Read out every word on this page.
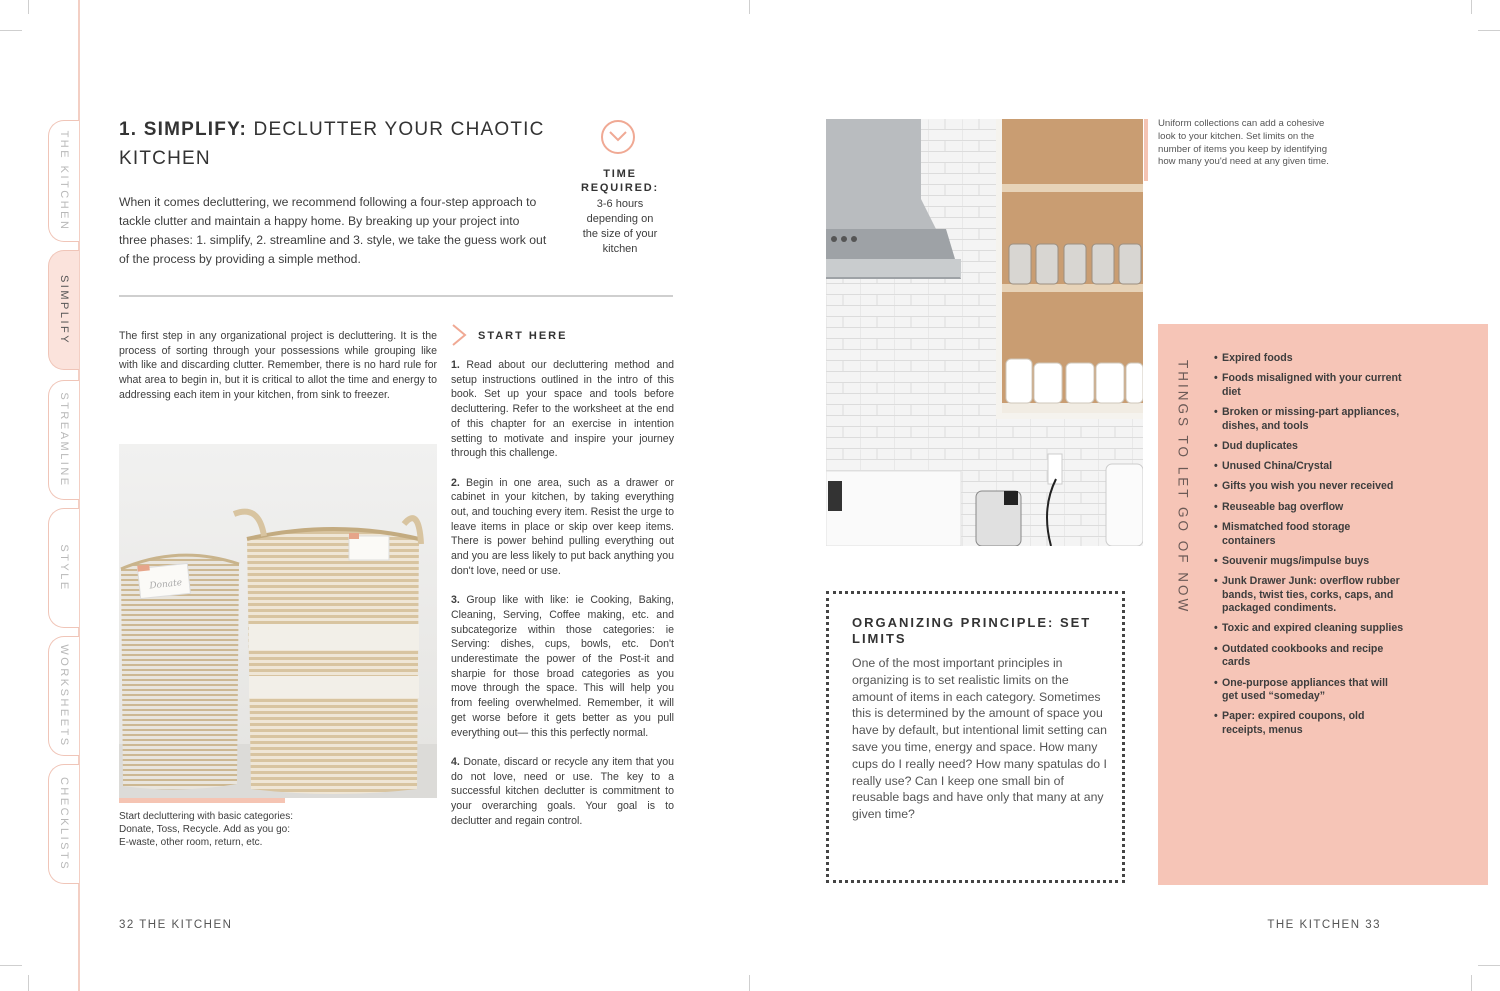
THE KITCHEN
SIMPLIFY
STREAMLINE
STYLE
WORKSHEETS
CHECKLISTS
1. SIMPLIFY: DECLUTTER YOUR CHAOTIC KITCHEN
When it comes decluttering, we recommend following a four-step approach to tackle clutter and maintain a happy home. By breaking up your project into three phases: 1. simplify, 2. streamline and 3. style, we take the guess work out of the process by providing a simple method.
TIME REQUIRED:
3-6 hours depending on the size of your kitchen
The first step in any organizational project is decluttering. It is the process of sorting through your possessions while grouping like with like and discarding clutter. Remember, there is no hard rule for what area to begin in, but it is critical to allot the time and energy to addressing each item in your kitchen, from sink to freezer.
Donate
Start decluttering with basic categories: Donate, Toss, Recycle. Add as you go: E-waste, other room, return, etc.
START HERE

1. Read about our decluttering method and setup instructions outlined in the intro of this book. Set up your space and tools before decluttering. Refer to the worksheet at the end of this chapter for an exercise in intention setting to motivate and inspire your journey through this challenge.

2. Begin in one area, such as a drawer or cabinet in your kitchen, by taking everything out, and touching every item. Resist the urge to leave items in place or skip over keep items. There is power behind pulling everything out and you are less likely to put back anything you don't love, need or use.

3. Group like with like: ie Cooking, Baking, Cleaning, Serving, Coffee making, etc. and subcategorize within those categories: ie Serving: dishes, cups, bowls, etc. Don't underestimate the power of the Post-it and sharpie for those broad categories as you move through the space. This will help you from feeling overwhelmed. Remember, it will get worse before it gets better as you pull everything out— this this perfectly normal.

4. Donate, discard or recycle any item that you do not love, need or use. The key to a successful kitchen declutter is commitment to your overarching goals. Your goal is to declutter and regain control.

32 THE KITCHEN
Uniform collections can add a cohesive look to your kitchen. Set limits on the number of items you keep by identifying how many you'd need at any given time.
ORGANIZING PRINCIPLE: SET LIMITS
One of the most important principles in organizing is to set realistic limits on the amount of items in each category. Sometimes this is determined by the amount of space you have by default, but intentional limit setting can save you time, energy and space. How many cups do I really need? How many spatulas do I really use? Can I keep one small bin of reusable bags and have only that many at any given time?
THINGS TO LET GO OF NOW
• Expired foods
• Foods misaligned with your current diet
• Broken or missing-part appliances, dishes, and tools
• Dud duplicates
• Unused China/Crystal
• Gifts you wish you never received
• Reuseable bag overflow
• Mismatched food storage containers
• Souvenir mugs/impulse buys
• Junk Drawer Junk: overflow rubber bands, twist ties, corks, caps, and packaged condiments.
• Toxic and expired cleaning supplies
• Outdated cookbooks and recipe cards
• One-purpose appliances that will get used “someday”
• Paper: expired coupons, old receipts, menus
THE KITCHEN 33
